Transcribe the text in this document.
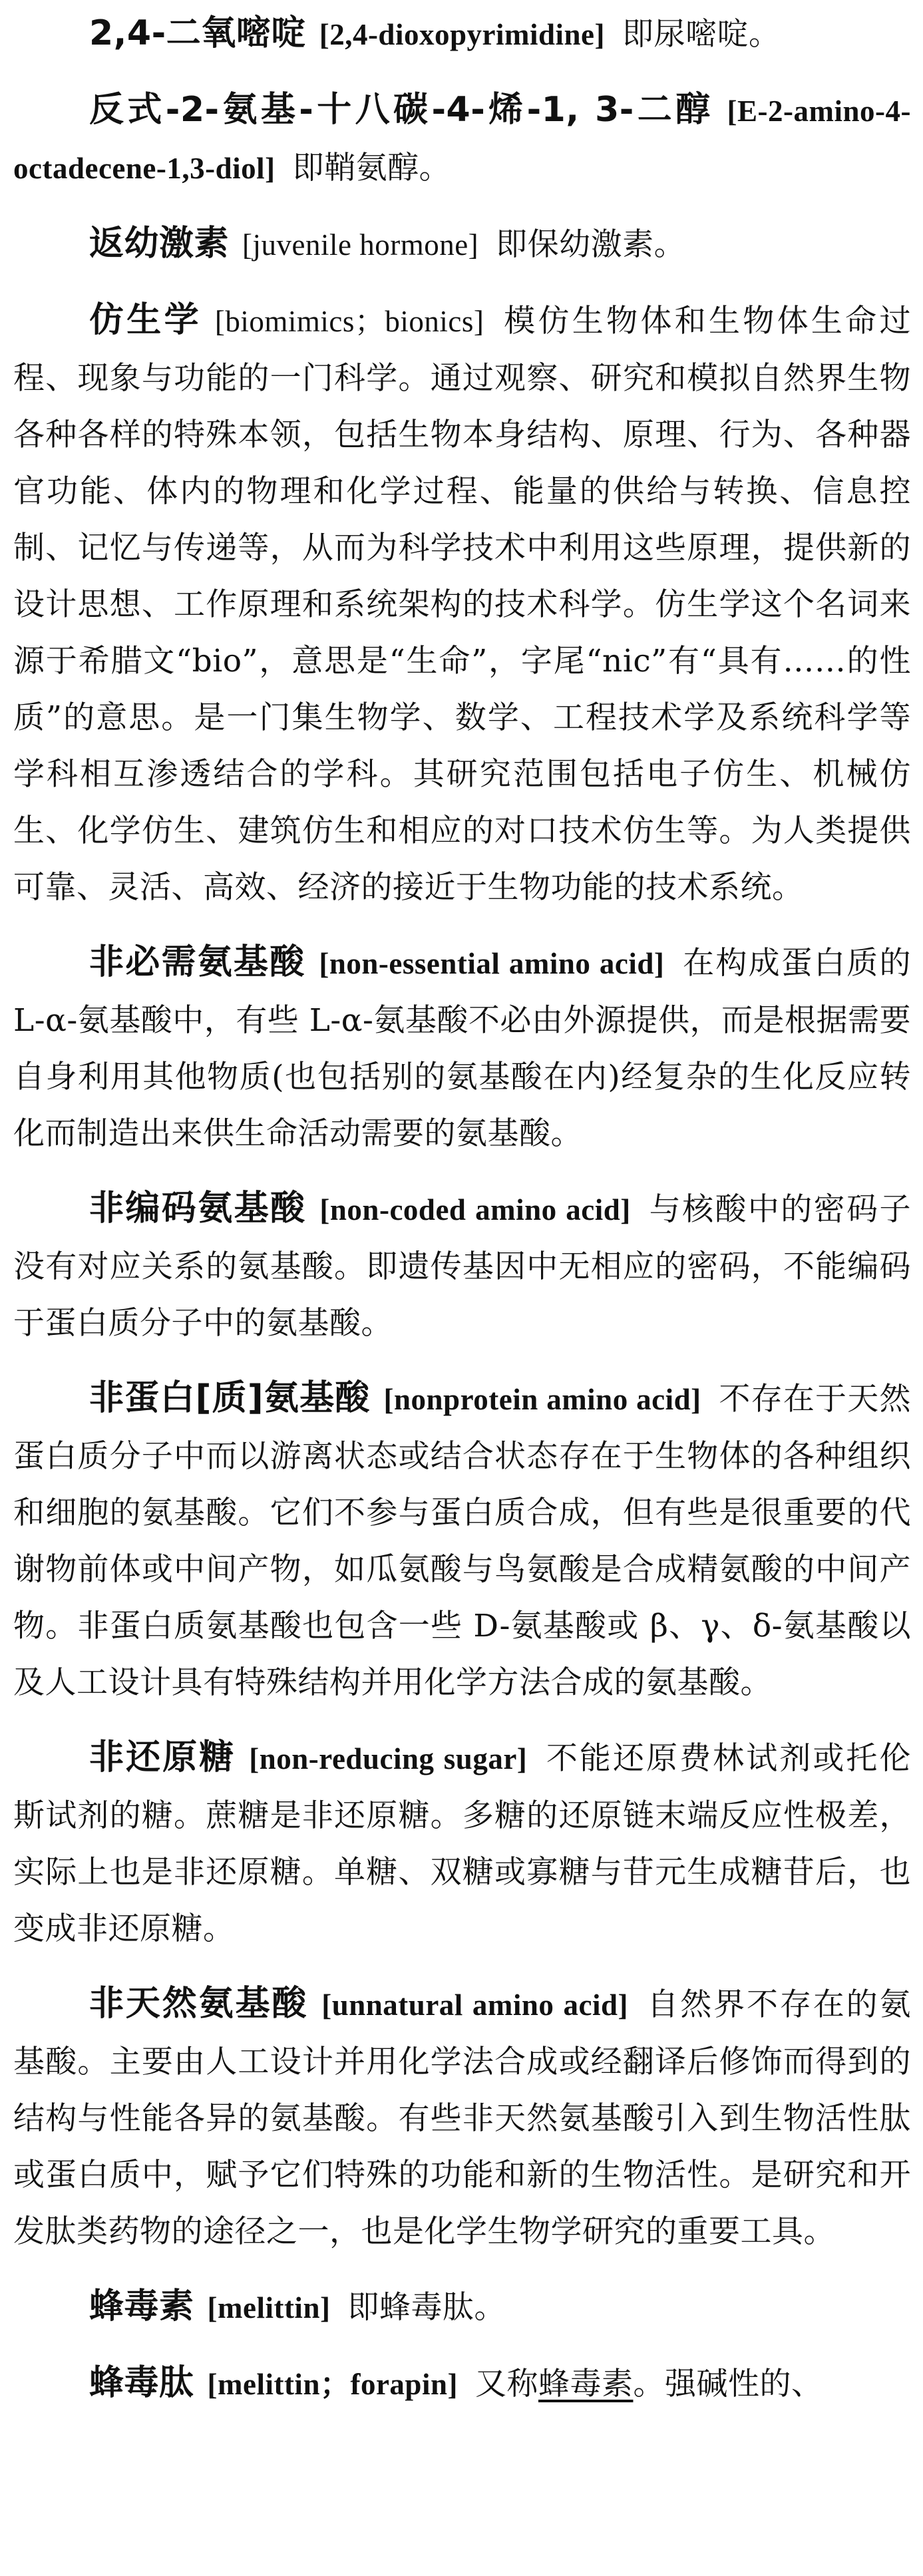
2,4-二氧嘧啶 [2,4-dioxopyrimidine] 即尿嘧啶。

反式-2-氨基-十八碳-4-烯-1, 3-二醇 [E-2-amino-4-octadecene-1,3-diol] 即鞘氨醇。

返幼激素 [juvenile hormone] 即保幼激素。

仿生学 [biomimics；bionics] 模仿生物体和生物体生命过程、现象与功能的一门科学。通过观察、研究和模拟自然界生物各种各样的特殊本领，包括生物本身结构、原理、行为、各种器官功能、体内的物理和化学过程、能量的供给与转换、信息控制、记忆与传递等，从而为科学技术中利用这些原理，提供新的设计思想、工作原理和系统架构的技术科学。仿生学这个名词来源于希腊文“bio”，意思是“生命”，字尾“nic”有“具有……的性质”的意思。是一门集生物学、数学、工程技术学及系统科学等学科相互渗透结合的学科。其研究范围包括电子仿生、机械仿生、化学仿生、建筑仿生和相应的对口技术仿生等。为人类提供可靠、灵活、高效、经济的接近于生物功能的技术系统。

非必需氨基酸 [non-essential amino acid] 在构成蛋白质的 L-α-氨基酸中，有些 L-α-氨基酸不必由外源提供，而是根据需要自身利用其他物质(也包括别的氨基酸在内)经复杂的生化反应转化而制造出来供生命活动需要的氨基酸。

非编码氨基酸 [non-coded amino acid] 与核酸中的密码子没有对应关系的氨基酸。即遗传基因中无相应的密码，不能编码于蛋白质分子中的氨基酸。

非蛋白[质]氨基酸 [nonprotein amino acid] 不存在于天然蛋白质分子中而以游离状态或结合状态存在于生物体的各种组织和细胞的氨基酸。它们不参与蛋白质合成，但有些是很重要的代谢物前体或中间产物，如瓜氨酸与鸟氨酸是合成精氨酸的中间产物。非蛋白质氨基酸也包含一些 D-氨基酸或 β、γ、δ-氨基酸以及人工设计具有特殊结构并用化学方法合成的氨基酸。

非还原糖 [non-reducing sugar] 不能还原费林试剂或托伦斯试剂的糖。蔗糖是非还原糖。多糖的还原链末端反应性极差，实际上也是非还原糖。单糖、双糖或寡糖与苷元生成糖苷后，也变成非还原糖。

非天然氨基酸 [unnatural amino acid] 自然界不存在的氨基酸。主要由人工设计并用化学法合成或经翻译后修饰而得到的结构与性能各异的氨基酸。有些非天然氨基酸引入到生物活性肽或蛋白质中，赋予它们特殊的功能和新的生物活性。是研究和开发肽类药物的途径之一，也是化学生物学研究的重要工具。

蜂毒素 [melittin] 即蜂毒肽。

蜂毒肽 [melittin；forapin] 又称蜂毒素。强碱性的、
